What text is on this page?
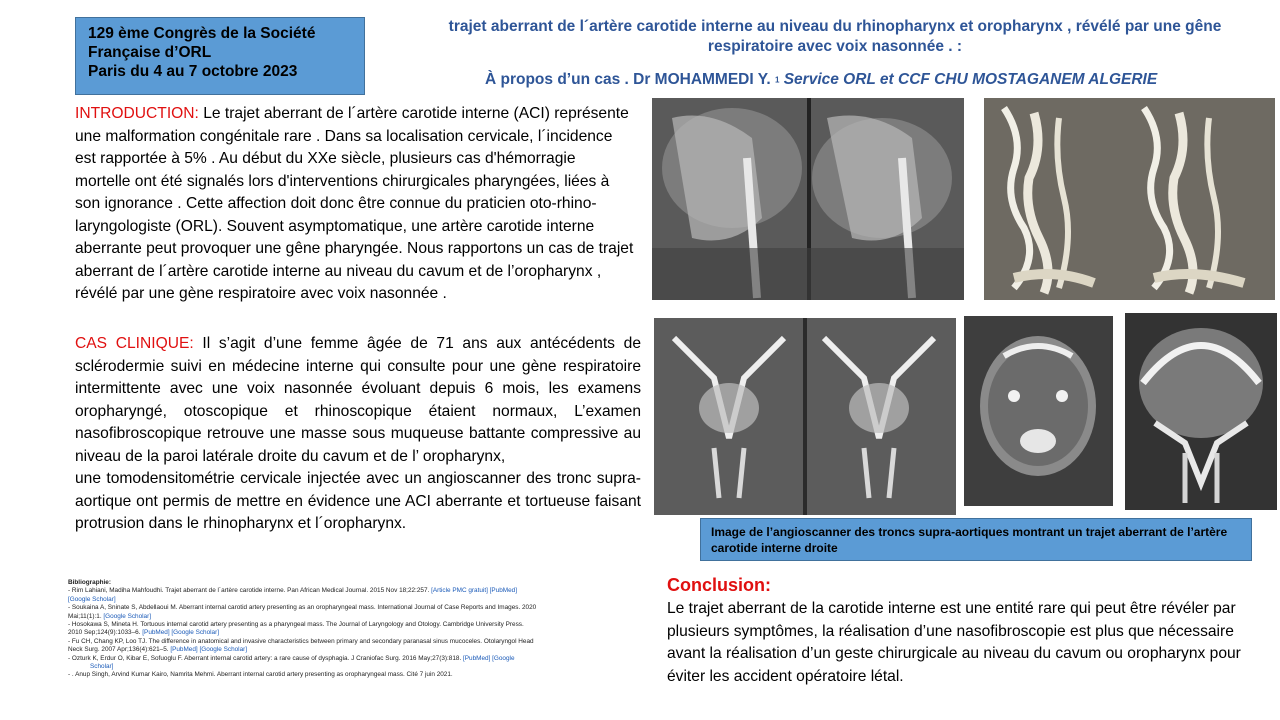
129 ème Congrès de la Société
Française d’ORL
Paris du 4 au 7 octobre 2023
trajet aberrant de l´artère carotide interne au niveau du rhinopharynx et oropharynx , révélé par une gêne
respiratoire avec voix nasonnée . :
À propos d’un cas . Dr MOHAMMEDI Y. 1 Service ORL et CCF CHU MOSTAGANEM ALGERIE
INTRODUCTION: Le trajet aberrant de l´artère carotide interne (ACI) représente une malformation congénitale rare . Dans sa localisation cervicale, l´incidence est rapportée à 5% . Au début du XXe siècle, plusieurs cas d'hémorragie mortelle ont été signalés lors d'interventions chirurgicales pharyngées, liées à son ignorance . Cette affection doit donc être connue du praticien oto-rhino-laryngologiste (ORL). Souvent asymptomatique, une artère carotide interne aberrante peut provoquer une gêne pharyngée. Nous rapportons un cas de trajet aberrant de l´artère carotide interne au niveau du cavum et de l’oropharynx , révélé par une gène respiratoire avec voix nasonnée .

CAS CLINIQUE: Il s’agit d’une femme âgée de 71 ans aux antécédents de sclérodermie suivi en médecine interne qui consulte pour une gène respiratoire intermittente avec une voix nasonnée évoluant depuis 6 mois, les examens oropharyngé, otoscopique et rhinoscopique étaient normaux, L’examen nasofibroscopique retrouve une masse sous muqueuse battante compressive au niveau de la paroi latérale droite du cavum et de l’ oropharynx,

une tomodensitométrie cervicale injectée avec un angioscanner des tronc supra-aortique ont permis de mettre en évidence une ACI aberrante et tortueuse faisant protrusion dans le rhinopharynx et l´oropharynx.

Bibliographie:

- Rim Lahiani, Madiha Mahfoudhi. Trajet aberrant de l´artère carotide interne. Pan African Medical Journal. 2015 Nov 18;22:257. [Article PMC gratuit] [PubMed] [Google Scholar]

- Soukaina A, Sninate S, Abdellaoui M. Aberrant internal carotid artery presenting as an oropharyngeal mass. International Journal of Case Reports and Images. 2020 Mai;11(1):1. [Google Scholar]

- Hosokawa S, Mineta H. Tortuous internal carotid artery presenting as a pharyngeal mass. The Journal of Laryngology and Otology. Cambridge University Press. 2010 Sep;124(9):1033–6. [PubMed] [Google Scholar]

- Fu CH, Chang KP, Loo TJ. The difference in anatomical and invasive characteristics between primary and secondary paranasal sinus mucoceles. Otolaryngol Head Neck Surg. 2007 Apr;136(4):621–5. [PubMed] [Google Scholar]

- Ozturk K, Erdur O, Kibar E, Sofuoglu F. Aberrant internal carotid artery: a rare cause of dysphagia. J Craniofac Surg. 2016 May;27(3):818. [PubMed] [Google Scholar]

- . Anup Singh, Arvind Kumar Kairo, Namrita Mehmi. Aberrant internal carotid artery presenting as oropharyngeal mass. Cité 7 juin 2021.

Image de l’angioscanner des troncs supra-aortiques montrant un trajet aberrant de l’artère carotide interne droite
Conclusion:
Le trajet aberrant de la carotide interne est une entité rare qui peut être révéler par plusieurs symptômes, la réalisation d’une nasofibroscopie est plus que nécessaire avant la réalisation d’un geste chirurgicale au niveau du cavum ou oropharynx pour éviter les accident opératoire létal.
